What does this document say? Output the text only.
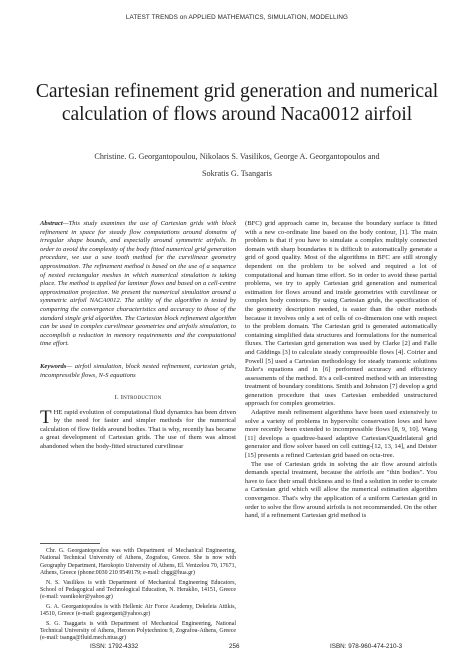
LATEST TRENDS on APPLIED MATHEMATICS, SIMULATION, MODELLING
Cartesian refinement grid generation and numerical
calculation of flows around Naca0012 airfoil
Christine. G. Georgantopoulou, Nikolaos S. Vasilikos, George A. Georgantopoulos and
Sokratis G. Tsangaris

Abstract—This study examines the use of Cartesian grids with block refinement in space for steady flow computations around domains of irregular shape bounds, and especially around symmetric airfoils. In order to avoid the complexity of the body fitted numerical grid generation procedure, we use a saw tooth method for the curvilinear geometry approximation. The refinement method is based on the use of a sequence of nested rectangular meshes in which numerical simulation is taking place. The method is applied for laminar flows and based on a cell-centre approximation projection. We present the numerical simulation around a symmetric airfoil NACA0012. The utility of the algorithm is tested by comparing the convergence characteristics and accuracy to those of the standard single grid algorithm. The Cartesian block refinement algorithm can be used in complex curvilinear geometries and airfoils simulation, to accomplish a reduction in memory requirements and the computational time effort.

Keywords— airfoil simulation, block nested refinement, cartesian grids, incompressible flows, N-S equations

I. Introduction

THE rapid evolution of computational fluid dynamics has been driven by the need for faster and simpler methods for the numerical calculation of flow fields around bodies. That is why, recently has became a great development of Cartesian grids. The use of them was almost abandoned when the body-fitted structured curvilinear

(BFC) grid approach came in, because the boundary surface is fitted with a new co-ordinate line based on the body contour, [1]. The main problem is that if you have to simulate a complex multiply connected domain with sharp boundaries it is difficult to automatically generate a grid of good quality. Most of the algorithms in BFC are still strongly dependent on the problem to be solved and required a lot of computational and human time effort. So in order to avoid these partial problems, we try to apply Cartesian grid generation and numerical estimation for flows around and inside geometries with curvilinear or complex body contours. By using Cartesian grids, the specification of the geometry description needed, is easier than the other methods because it involves only a set of cells of co-dimension one with respect to the problem domain. The Cartesian grid is generated automatically containing simplified data structures and formulations for the numerical fluxes. The Cartesian grid generation was used by Clarke [2] and Falle and Giddings [3] to calculate steady compressible flows [4]. Coirier and Powell [5] used a Cartesian methodology for steady transonic solutions Euler's equations and in [6] performed accuracy and efficiency assessments of the method. It's a cell-centred method with an interesting treatment of boundary conditions. Smith and Johnston [7] develop a grid generation procedure that uses Cartesian embedded unstructured approach for complex geometries.

Adaptive mesh refinement algorithms have been used extensively to solve a variety of problems in hypervolic conservation lows and have more recently been extended to incompressible flows [8, 9, 10]. Wang [11] develops a quadtree-based adaptive Cartesian/Quadrilateral grid generator and flow solver based on cell cutting-[12, 13, 14], and Deister [15] presents a refined Cartesian grid based on octa-tree.

The use of Cartesian grids in solving the air flow around airfoils demands special treatment, because the airfoils are "thin bodies". You have to face their small thickness and to find a solution in order to create a Cartesian grid which will allow the numerical estimation algorithm convergence. That's why the application of a uniform Cartesian grid in order to solve the flow around airfoils is not recommended. On the other hand, if a refinement Cartesian grid method is

Chr. G. Georgantopoulou was with Department of Mechanical Engineering, National Technical University of Athens, Zografou, Greece. She is now with Geography Department, Harokopio University of Athens, El. Venizelou 70, 17671, Athens, Greece (phone:0030 210 9549179; e-mail: chgg@hua.gr)

N. S. Vasilikos is with Department of Mechanical Engineering Educators, School of Pedagogical and Technological Education, N. Heraklio, 14151, Greece (e-mail: vasnikoler@yahoo.gr)

G. A. Georgantopoulos is with Hellenic Air Force Academy, Dekeleia Attikis, 14510, Greece (e-mail: gageorgant@yahoo.gr)

S. G. Tsaggaris is with Department of Mechanical Engineering, National Technical University of Athens, Heroon Polytechniou 9, Zografou-Athens, Greece (e-mail: tsanga@fluid.mech.ntua.gr)

ISSN: 1792-4332	256	ISBN: 978-960-474-210-3
